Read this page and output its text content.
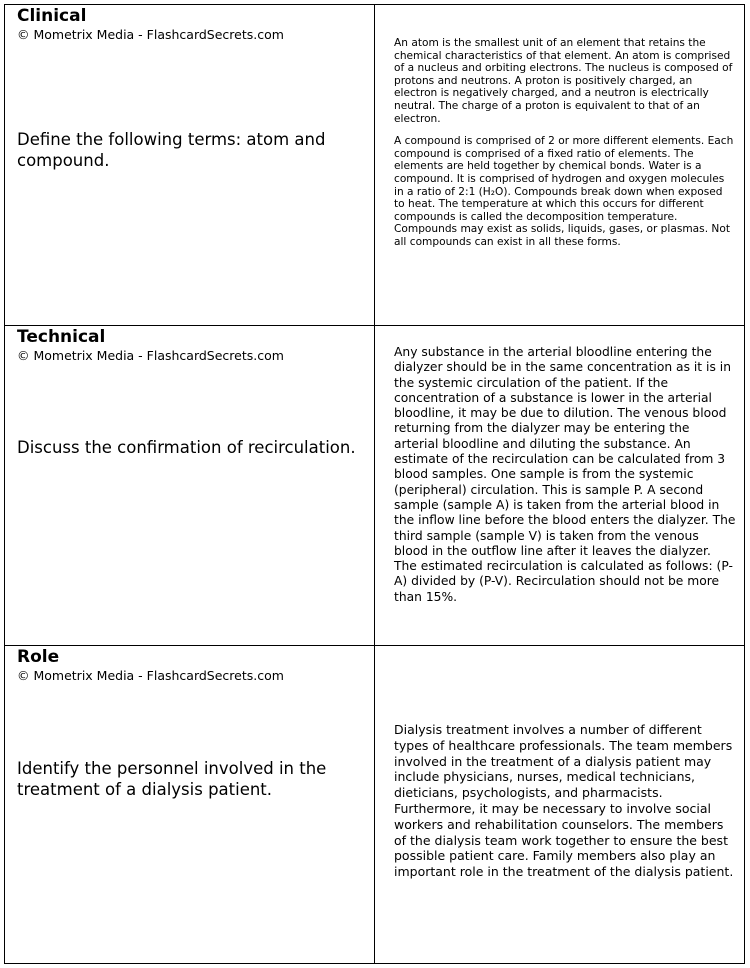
Clinical
© Mometrix Media - FlashcardSecrets.com
Define the following terms: atom and compound.

An atom is the smallest unit of an element that retains the chemical characteristics of that element. An atom is comprised of a nucleus and orbiting electrons. The nucleus is composed of protons and neutrons. A proton is positively charged, an electron is negatively charged, and a neutron is electrically neutral. The charge of a proton is equivalent to that of an electron.

A compound is comprised of 2 or more different elements. Each compound is comprised of a fixed ratio of elements. The elements are held together by chemical bonds. Water is a compound. It is comprised of hydrogen and oxygen molecules in a ratio of 2:1 (H₂O). Compounds break down when exposed to heat. The temperature at which this occurs for different compounds is called the decomposition temperature. Compounds may exist as solids, liquids, gases, or plasmas. Not all compounds can exist in all these forms.

Technical
© Mometrix Media - FlashcardSecrets.com
Discuss the confirmation of recirculation.

Any substance in the arterial bloodline entering the dialyzer should be in the same concentration as it is in the systemic circulation of the patient. If the concentration of a substance is lower in the arterial bloodline, it may be due to dilution. The venous blood returning from the dialyzer may be entering the arterial bloodline and diluting the substance. An estimate of the recirculation can be calculated from 3 blood samples. One sample is from the systemic (peripheral) circulation. This is sample P. A second sample (sample A) is taken from the arterial blood in the inflow line before the blood enters the dialyzer. The third sample (sample V) is taken from the venous blood in the outflow line after it leaves the dialyzer. The estimated recirculation is calculated as follows: (P-A) divided by (P-V). Recirculation should not be more than 15%.

Role
© Mometrix Media - FlashcardSecrets.com
Identify the personnel involved in the treatment of a dialysis patient.

Dialysis treatment involves a number of different types of healthcare professionals. The team members involved in the treatment of a dialysis patient may include physicians, nurses, medical technicians, dieticians, psychologists, and pharmacists. Furthermore, it may be necessary to involve social workers and rehabilitation counselors. The members of the dialysis team work together to ensure the best possible patient care. Family members also play an important role in the treatment of the dialysis patient.
